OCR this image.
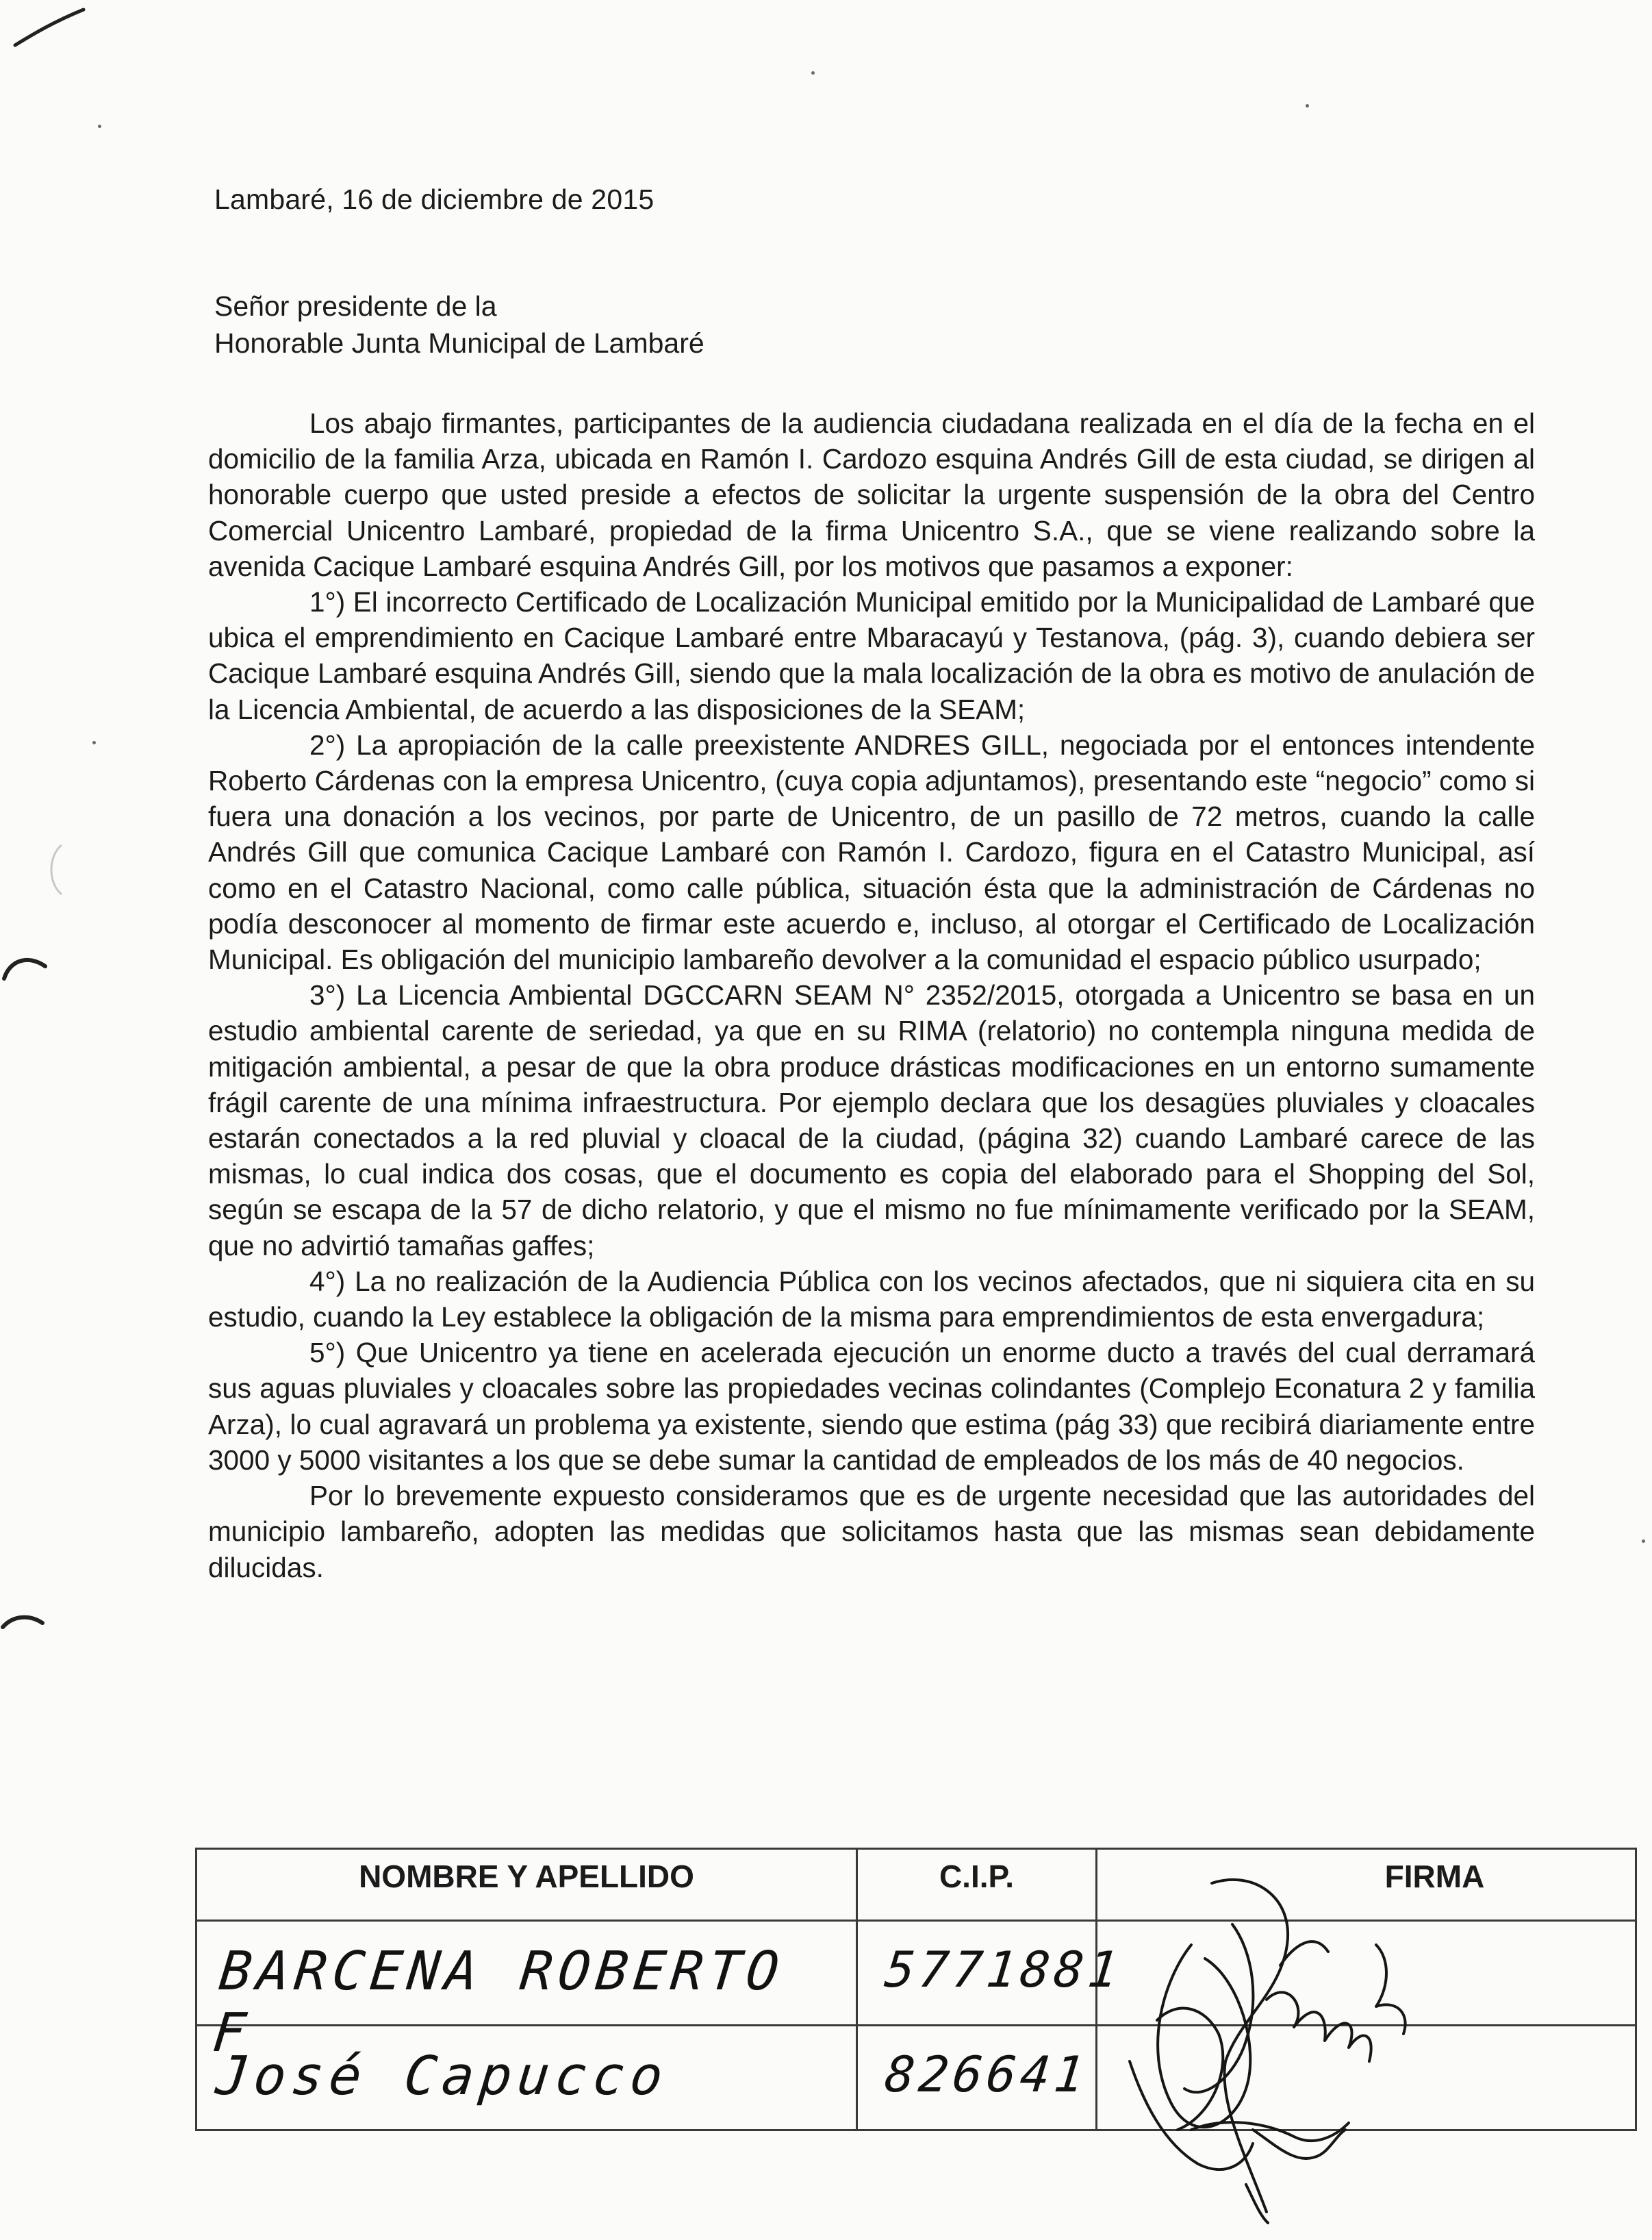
Lambaré, 16 de diciembre de 2015
Señor presidente de la
Honorable Junta Municipal de Lambaré

Los abajo firmantes, participantes de la audiencia ciudadana realizada en el día de la fecha en el domicilio de la familia Arza, ubicada en Ramón I. Cardozo esquina Andrés Gill de esta ciudad, se dirigen al honorable cuerpo que usted preside a efectos de solicitar la urgente suspensión de la obra del Centro Comercial Unicentro Lambaré, propiedad de la firma Unicentro S.A., que se viene realizando sobre la avenida Cacique Lambaré esquina Andrés Gill, por los motivos que pasamos a exponer:

1°) El incorrecto Certificado de Localización Municipal emitido por la Municipalidad de Lambaré que ubica el emprendimiento en Cacique Lambaré entre Mbaracayú y Testanova, (pág. 3), cuando debiera ser Cacique Lambaré esquina Andrés Gill, siendo que la mala localización de la obra es motivo de anulación de la Licencia Ambiental, de acuerdo a las disposiciones de la SEAM;

2°) La apropiación de la calle preexistente ANDRES GILL, negociada por el entonces intendente Roberto Cárdenas con la empresa Unicentro, (cuya copia adjuntamos), presentando este “negocio” como si fuera una donación a los vecinos, por parte de Unicentro, de un pasillo de 72 metros, cuando la calle Andrés Gill que comunica Cacique Lambaré con Ramón I. Cardozo, figura en el Catastro Municipal, así como en el Catastro Nacional, como calle pública, situación ésta que la administración de Cárdenas no podía desconocer al momento de firmar este acuerdo e, incluso, al otorgar el Certificado de Localización Municipal. Es obligación del municipio lambareño devolver a la comunidad el espacio público usurpado;

3°) La Licencia Ambiental DGCCARN SEAM N° 2352/2015, otorgada a Unicentro se basa en un estudio ambiental carente de seriedad, ya que en su RIMA (relatorio) no contempla ninguna medida de mitigación ambiental, a pesar de que la obra produce drásticas modificaciones en un entorno sumamente frágil carente de una mínima infraestructura. Por ejemplo declara que los desagües pluviales y cloacales estarán conectados a la red pluvial y cloacal de la ciudad, (página 32) cuando Lambaré carece de las mismas, lo cual indica dos cosas, que el documento es copia del elaborado para el Shopping del Sol, según se escapa de la 57 de dicho relatorio, y que el mismo no fue mínimamente verificado por la SEAM, que no advirtió tamañas gaffes;

4°) La no realización de la Audiencia Pública con los vecinos afectados, que ni siquiera cita en su estudio, cuando la Ley establece la obligación de la misma para emprendimientos de esta envergadura;

5°) Que Unicentro ya tiene en acelerada ejecución un enorme ducto a través del cual derramará sus aguas pluviales y cloacales sobre las propiedades vecinas colindantes (Complejo Econatura 2 y familia Arza), lo cual agravará un problema ya existente, siendo que estima (pág 33) que recibirá diariamente entre 3000 y 5000 visitantes a los que se debe sumar la cantidad de empleados de los más de 40 negocios.

Por lo brevemente expuesto consideramos que es de urgente necesidad que las autoridades del municipio lambareño, adopten las medidas que solicitamos hasta que las mismas sean debidamente dilucidas.

NOMBRE Y APELLIDO	C.I.P.	FIRMA

BARCENA ROBERTO F	5771881	

José Capucco	826641	
